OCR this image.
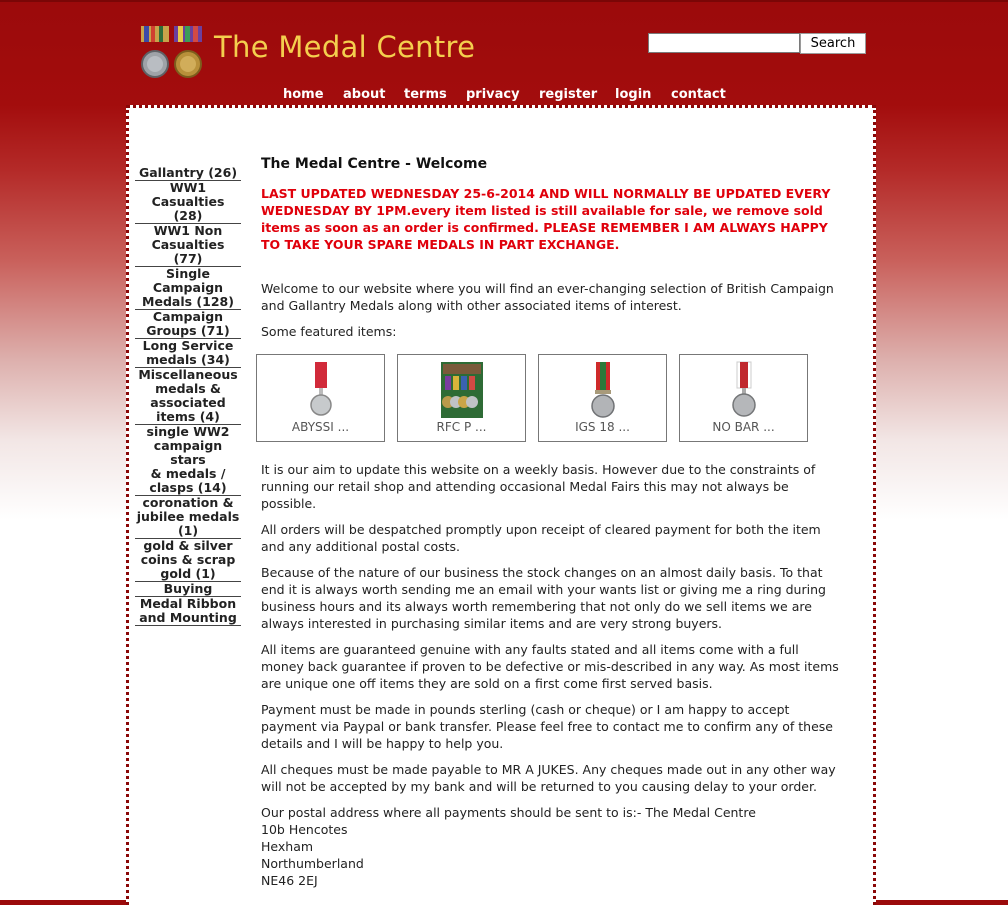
The Medal Centre	Search
home about terms privacy register login contact
Gallantry (26)
WW1
Casualties (28)
WW1 Non
Casualties (77)
Single
Campaign
Medals (128)
Campaign
Groups (71)
Long Service
medals (34)
Miscellaneous
medals &
associated
items (4)
single WW2
campaign stars
& medals /
clasps (14)
coronation &
jubilee medals
(1)
gold & silver
coins & scrap
gold (1)
Buying
Medal Ribbon
and Mounting
The Medal Centre - Welcome

LAST UPDATED WEDNESDAY 25-6-2014 AND WILL NORMALLY BE UPDATED EVERY WEDNESDAY BY 1PM.every item listed is still available for sale, we remove sold items as soon as an order is confirmed. PLEASE REMEMBER I AM ALWAYS HAPPY TO TAKE YOUR SPARE MEDALS IN PART EXCHANGE.

Welcome to our website where you will find an ever-changing selection of British Campaign and Gallantry Medals along with other associated items of interest.

Some featured items:

It is our aim to update this website on a weekly basis. However due to the constraints of running our retail shop and attending occasional Medal Fairs this may not always be possible.

All orders will be despatched promptly upon receipt of cleared payment for both the item and any additional postal costs.

Because of the nature of our business the stock changes on an almost daily basis. To that end it is always worth sending me an email with your wants list or giving me a ring during business hours and its always worth remembering that not only do we sell items we are always interested in purchasing similar items and are very strong buyers.

All items are guaranteed genuine with any faults stated and all items come with a full money back guarantee if proven to be defective or mis-described in any way. As most items are unique one off items they are sold on a first come first served basis.

Payment must be made in pounds sterling (cash or cheque) or I am happy to accept payment via Paypal or bank transfer. Please feel free to contact me to confirm any of these details and I will be happy to help you.

All cheques must be made payable to MR A JUKES. Any cheques made out in any other way will not be accepted by my bank and will be returned to you causing delay to your order.

Our postal address where all payments should be sent to is:- The Medal Centre
10b Hencotes
Hexham
Northumberland
NE46 2EJ
ABYSSI ...	RFC P ...	IGS 18 ...	NO BAR ...
